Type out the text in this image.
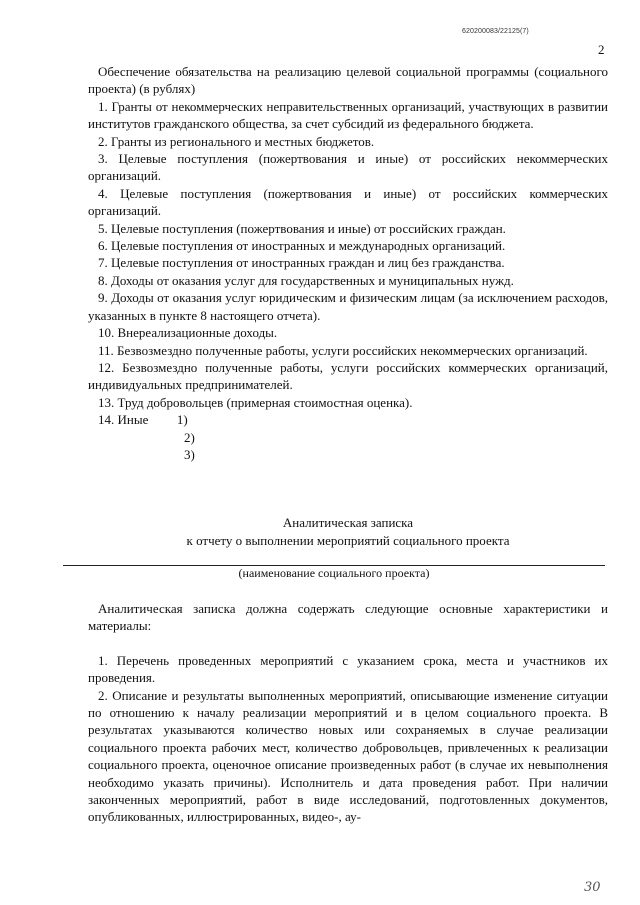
620200083/22125(7)
2

Обеспечение обязательства на реализацию целевой социальной программы (социального проекта) (в рублях)

1. Гранты от некоммерческих неправительственных организаций, участвующих в развитии институтов гражданского общества, за счет субсидий из федерального бюджета.

2. Гранты из регионального и местных бюджетов.

3. Целевые поступления (пожертвования и иные) от российских некоммерческих организаций.

4. Целевые поступления (пожертвования и иные) от российских коммерческих организаций.

5. Целевые поступления (пожертвования и иные) от российских граждан.

6. Целевые поступления от иностранных и международных организаций.

7. Целевые поступления от иностранных граждан и лиц без гражданства.

8. Доходы от оказания услуг для государственных и муниципальных нужд.

9. Доходы от оказания услуг юридическим и физическим лицам (за исключением расходов, указанных в пункте 8 настоящего отчета).

10. Внереализационные доходы.

11. Безвозмездно полученные работы, услуги российских некоммерческих организаций.

12. Безвозмездно полученные работы, услуги российских коммерческих организаций, индивидуальных предпринимателей.

13. Труд добровольцев (примерная стоимостная оценка).

14. Иные 1)

2)

3)

Аналитическая записка
к отчету о выполнении мероприятий социального проекта
(наименование социального проекта)

Аналитическая записка должна содержать следующие основные характеристики и материалы:

1. Перечень проведенных мероприятий с указанием срока, места и участников их проведения.

2. Описание и результаты выполненных мероприятий, описывающие изменение ситуации по отношению к началу реализации мероприятий и в целом социального проекта. В результатах указываются количество новых или сохраняемых в случае реализации социального проекта рабочих мест, количество добровольцев, привлеченных к реализации социального проекта, оценочное описание произведенных работ (в случае их невыполнения необходимо указать причины). Исполнитель и дата проведения работ. При наличии законченных мероприятий, работ в виде исследований, подготовленных документов, опубликованных, иллюстрированных, видео-, ау-

30
